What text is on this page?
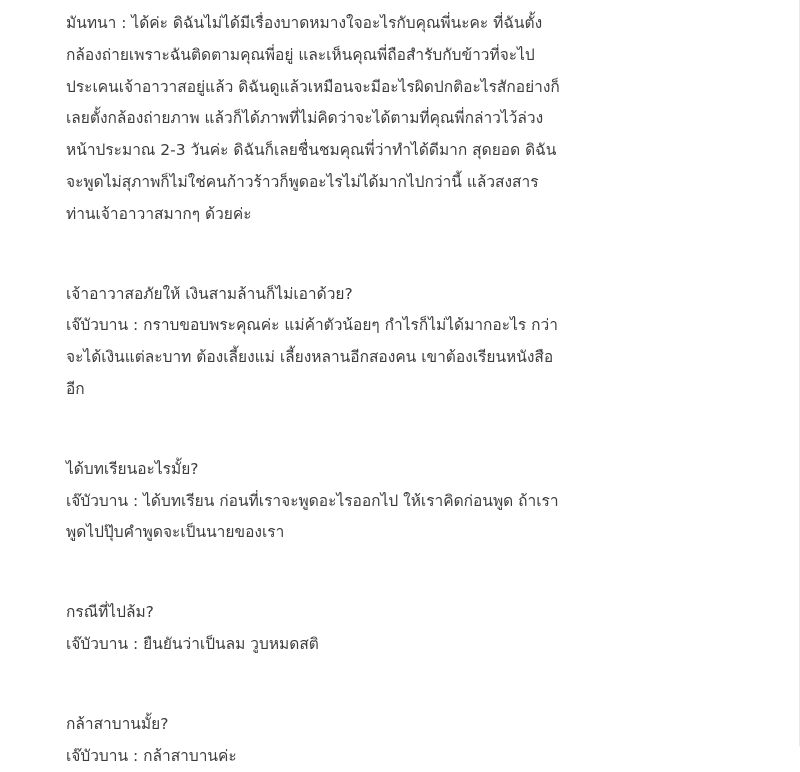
มันทนา : ได้ค่ะ ดิฉันไม่ได้มีเรื่องบาดหมางใจอะไรกับคุณพี่นะคะ ที่ฉันตั้ง
กล้องถ่ายเพราะฉันติดตามคุณพี่อยู่ และเห็นคุณพี่ถือสำรับกับข้าวที่จะไป
ประเคนเจ้าอาวาสอยู่แล้ว ดิฉันดูแล้วเหมือนจะมีอะไรผิดปกติอะไรสักอย่างก็
เลยตั้งกล้องถ่ายภาพ แล้วก็ได้ภาพที่ไม่คิดว่าจะได้ตามที่คุณพี่กล่าวไว้ล่วง
หน้าประมาณ 2-3 วันค่ะ ดิฉันก็เลยชื่นชมคุณพี่ว่าทำได้ดีมาก สุดยอด ดิฉัน
จะพูดไม่สุภาพก็ไม่ใช่คนก้าวร้าวก็พูดอะไรไม่ได้มากไปกว่านี้ แล้วสงสาร
ท่านเจ้าอาวาสมากๆ ด้วยค่ะ
เจ้าอาวาสอภัยให้ เงินสามล้านก็ไม่เอาด้วย?
เจ๊บัวบาน : กราบขอบพระคุณค่ะ แม่ค้าตัวน้อยๆ กำไรก็ไม่ได้มากอะไร กว่า
จะได้เงินแต่ละบาท ต้องเลี้ยงแม่ เลี้ยงหลานอีกสองคน เขาต้องเรียนหนังสือ
อีก
ได้บทเรียนอะไรมั้ย?
เจ๊บัวบาน : ได้บทเรียน ก่อนที่เราจะพูดอะไรออกไป ให้เราคิดก่อนพูด ถ้าเรา
พูดไปปุ๊บคำพูดจะเป็นนายของเรา
กรณีที่ไปล้ม?
เจ๊บัวบาน : ยืนยันว่าเป็นลม วูบหมดสติ
กล้าสาบานมั้ย?
เจ๊บัวบาน : กล้าสาบานค่ะ
